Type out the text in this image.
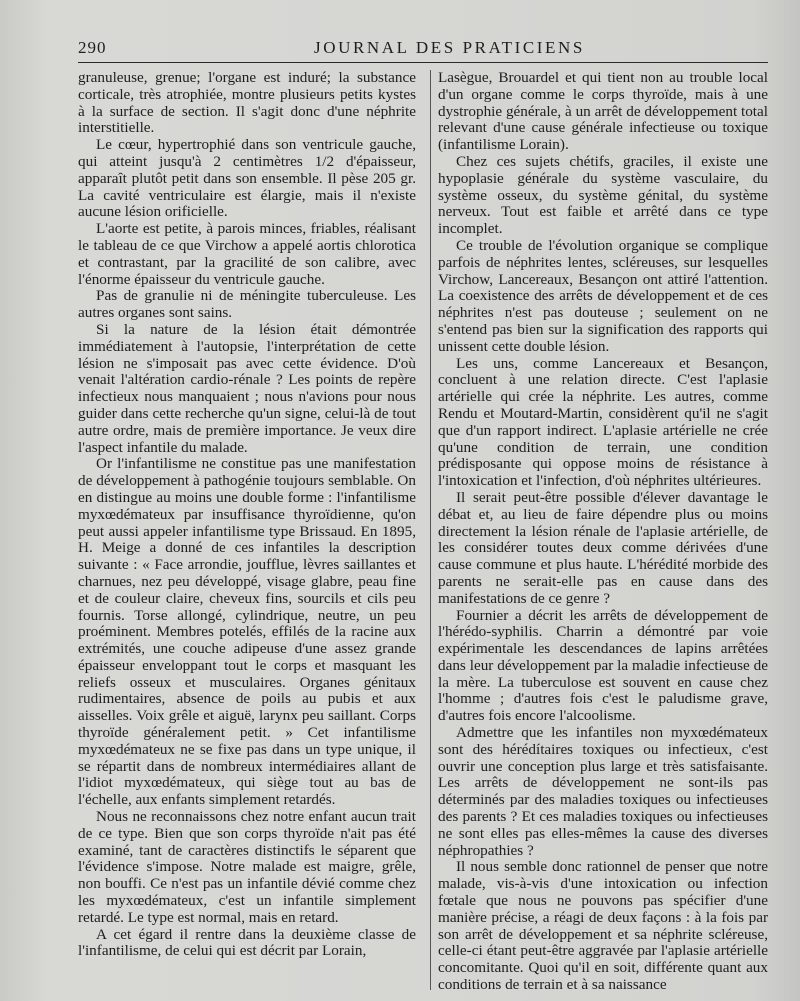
290	JOURNAL DES PRATICIENS

granuleuse, grenue; l'organe est induré; la substance corticale, très atrophiée, montre plusieurs petits kystes à la surface de section. Il s'agit donc d'une néphrite interstitielle.

Le cœur, hypertrophié dans son ventricule gauche, qui atteint jusqu'à 2 centimètres 1/2 d'épaisseur, apparaît plutôt petit dans son ensemble. Il pèse 205 gr. La cavité ventriculaire est élargie, mais il n'existe aucune lésion orificielle.

L'aorte est petite, à parois minces, friables, réalisant le tableau de ce que Virchow a appelé aortis chlorotica et contrastant, par la gracilité de son calibre, avec l'énorme épaisseur du ventricule gauche.

Pas de granulie ni de méningite tuberculeuse. Les autres organes sont sains.

Si la nature de la lésion était démontrée immédiatement à l'autopsie, l'interprétation de cette lésion ne s'imposait pas avec cette évidence. D'où venait l'altération cardio-rénale ? Les points de repère infectieux nous manquaient ; nous n'avions pour nous guider dans cette recherche qu'un signe, celui-là de tout autre ordre, mais de première importance. Je veux dire l'aspect infantile du malade.

Or l'infantilisme ne constitue pas une manifestation de développement à pathogénie toujours semblable. On en distingue au moins une double forme : l'infantilisme myxœdémateux par insuffisance thyroïdienne, qu'on peut aussi appeler infantilisme type Brissaud. En 1895, H. Meige a donné de ces infantiles la description suivante : « Face arrondie, joufflue, lèvres saillantes et charnues, nez peu développé, visage glabre, peau fine et de couleur claire, cheveux fins, sourcils et cils peu fournis. Torse allongé, cylindrique, neutre, un peu proéminent. Membres potelés, effilés de la racine aux extrémités, une couche adipeuse d'une assez grande épaisseur enveloppant tout le corps et masquant les reliefs osseux et musculaires. Organes génitaux rudimentaires, absence de poils au pubis et aux aisselles. Voix grêle et aiguë, larynx peu saillant. Corps thyroïde généralement petit. » Cet infantilisme myxœdémateux ne se fixe pas dans un type unique, il se répartit dans de nombreux intermédiaires allant de l'idiot myxœdémateux, qui siège tout au bas de l'échelle, aux enfants simplement retardés.

Nous ne reconnaissons chez notre enfant aucun trait de ce type. Bien que son corps thyroïde n'ait pas été examiné, tant de caractères distinctifs le séparent que l'évidence s'impose. Notre malade est maigre, grêle, non bouffi. Ce n'est pas un infantile dévié comme chez les myxœdémateux, c'est un infantile simplement retardé. Le type est normal, mais en retard.

A cet égard il rentre dans la deuxième classe de l'infantilisme, de celui qui est décrit par Lorain,

Lasègue, Brouardel et qui tient non au trouble local d'un organe comme le corps thyroïde, mais à une dystrophie générale, à un arrêt de développement total relevant d'une cause générale infectieuse ou toxique (infantilisme Lorain).

Chez ces sujets chétifs, graciles, il existe une hypoplasie générale du système vasculaire, du système osseux, du système génital, du système nerveux. Tout est faible et arrêté dans ce type incomplet.

Ce trouble de l'évolution organique se complique parfois de néphrites lentes, scléreuses, sur lesquelles Virchow, Lancereaux, Besançon ont attiré l'attention. La coexistence des arrêts de développement et de ces néphrites n'est pas douteuse ; seulement on ne s'entend pas bien sur la signification des rapports qui unissent cette double lésion.

Les uns, comme Lancereaux et Besançon, concluent à une relation directe. C'est l'aplasie artérielle qui crée la néphrite. Les autres, comme Rendu et Moutard-Martin, considèrent qu'il ne s'agit que d'un rapport indirect. L'aplasie artérielle ne crée qu'une condition de terrain, une condition prédisposante qui oppose moins de résistance à l'intoxication et l'infection, d'où néphrites ultérieures.

Il serait peut-être possible d'élever davantage le débat et, au lieu de faire dépendre plus ou moins directement la lésion rénale de l'aplasie artérielle, de les considérer toutes deux comme dérivées d'une cause commune et plus haute. L'hérédité morbide des parents ne serait-elle pas en cause dans des manifestations de ce genre ?

Fournier a décrit les arrêts de développement de l'hérédo-syphilis. Charrin a démontré par voie expérimentale les descendances de lapins arrêtées dans leur développement par la maladie infectieuse de la mère. La tuberculose est souvent en cause chez l'homme ; d'autres fois c'est le paludisme grave, d'autres fois encore l'alcoolisme.

Admettre que les infantiles non myxœdémateux sont des hérédítaires toxiques ou infectieux, c'est ouvrir une conception plus large et très satisfaisante. Les arrêts de développement ne sont-ils pas déterminés par des maladies toxiques ou infectieuses des parents ? Et ces maladies toxiques ou infectieuses ne sont elles pas elles-mêmes la cause des diverses néphropathies ?

Il nous semble donc rationnel de penser que notre malade, vis-à-vis d'une intoxication ou infection fœtale que nous ne pouvons pas spécifier d'une manière précise, a réagi de deux façons : à la fois par son arrêt de développement et sa néphrite scléreuse, celle-ci étant peut-être aggravée par l'aplasie artérielle concomitante. Quoi qu'il en soit, différente quant aux conditions de terrain et à sa naissance
